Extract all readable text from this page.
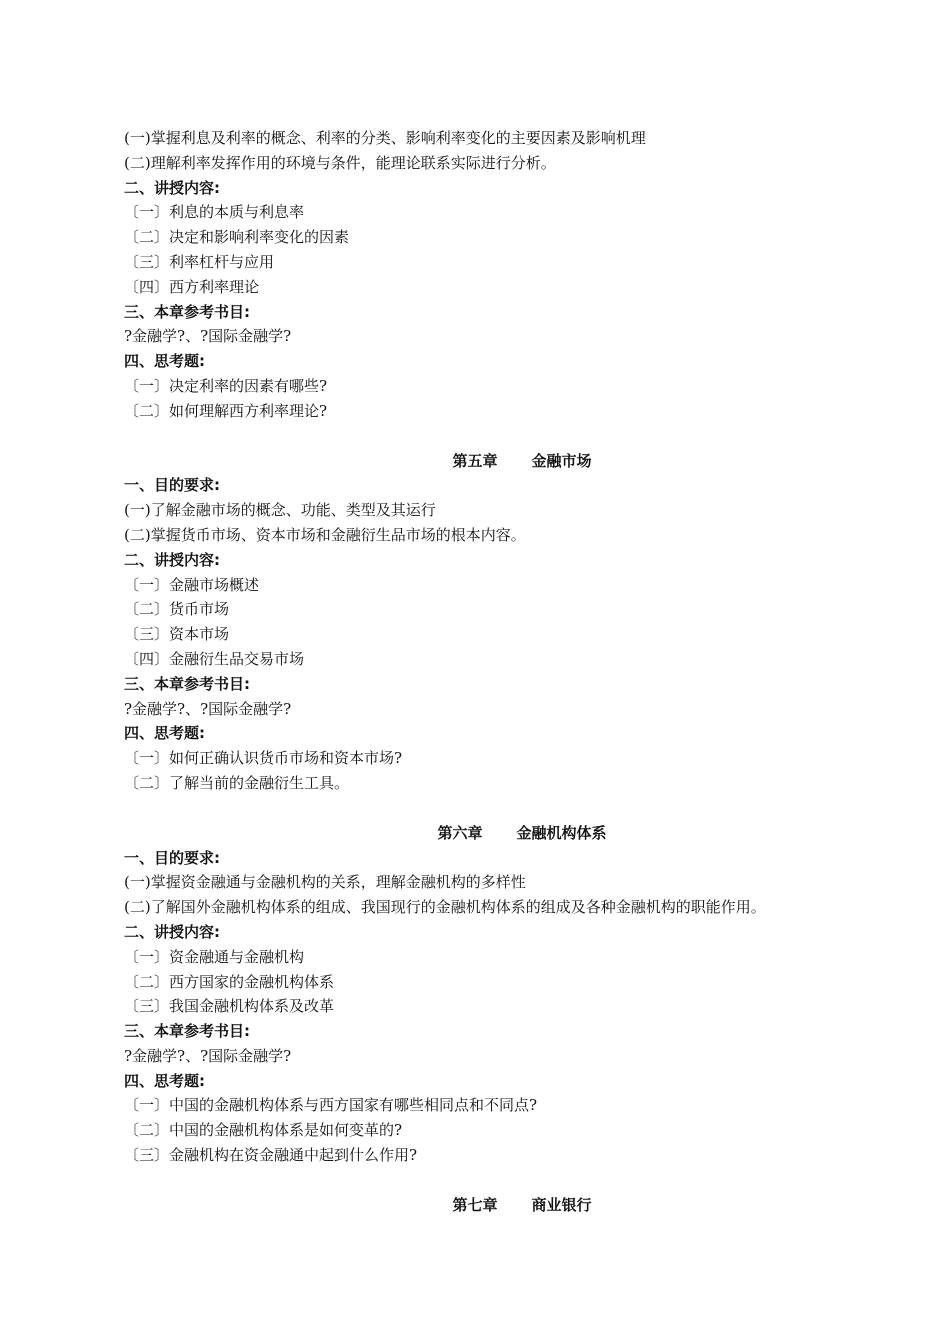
(一)掌握利息及利率的概念、利率的分类、影响利率变化的主要因素及影响机理
(二)理解利率发挥作用的环境与条件，能理论联系实际进行分析。
二、讲授内容:
〔一〕利息的本质与利息率
〔二〕决定和影响利率变化的因素
〔三〕利率杠杆与应用
〔四〕西方利率理论
三、本章参考书目:
?金融学?、?国际金融学?
四、思考题:
〔一〕决定利率的因素有哪些?
〔二〕如何理解西方利率理论?
第五章 金融市场
一、目的要求:
(一)了解金融市场的概念、功能、类型及其运行
(二)掌握货币市场、资本市场和金融衍生品市场的根本内容。
二、讲授内容:
〔一〕金融市场概述
〔二〕货币市场
〔三〕资本市场
〔四〕金融衍生品交易市场
三、本章参考书目:
?金融学?、?国际金融学?
四、思考题:
〔一〕如何正确认识货币市场和资本市场?
〔二〕了解当前的金融衍生工具。
第六章 金融机构体系
一、目的要求:
(一)掌握资金融通与金融机构的关系，理解金融机构的多样性
(二)了解国外金融机构体系的组成、我国现行的金融机构体系的组成及各种金融机构的职能作用。
二、讲授内容:
〔一〕资金融通与金融机构
〔二〕西方国家的金融机构体系
〔三〕我国金融机构体系及改革
三、本章参考书目:
?金融学?、?国际金融学?
四、思考题:
〔一〕中国的金融机构体系与西方国家有哪些相同点和不同点?
〔二〕中国的金融机构体系是如何变革的?
〔三〕金融机构在资金融通中起到什么作用?
第七章 商业银行
